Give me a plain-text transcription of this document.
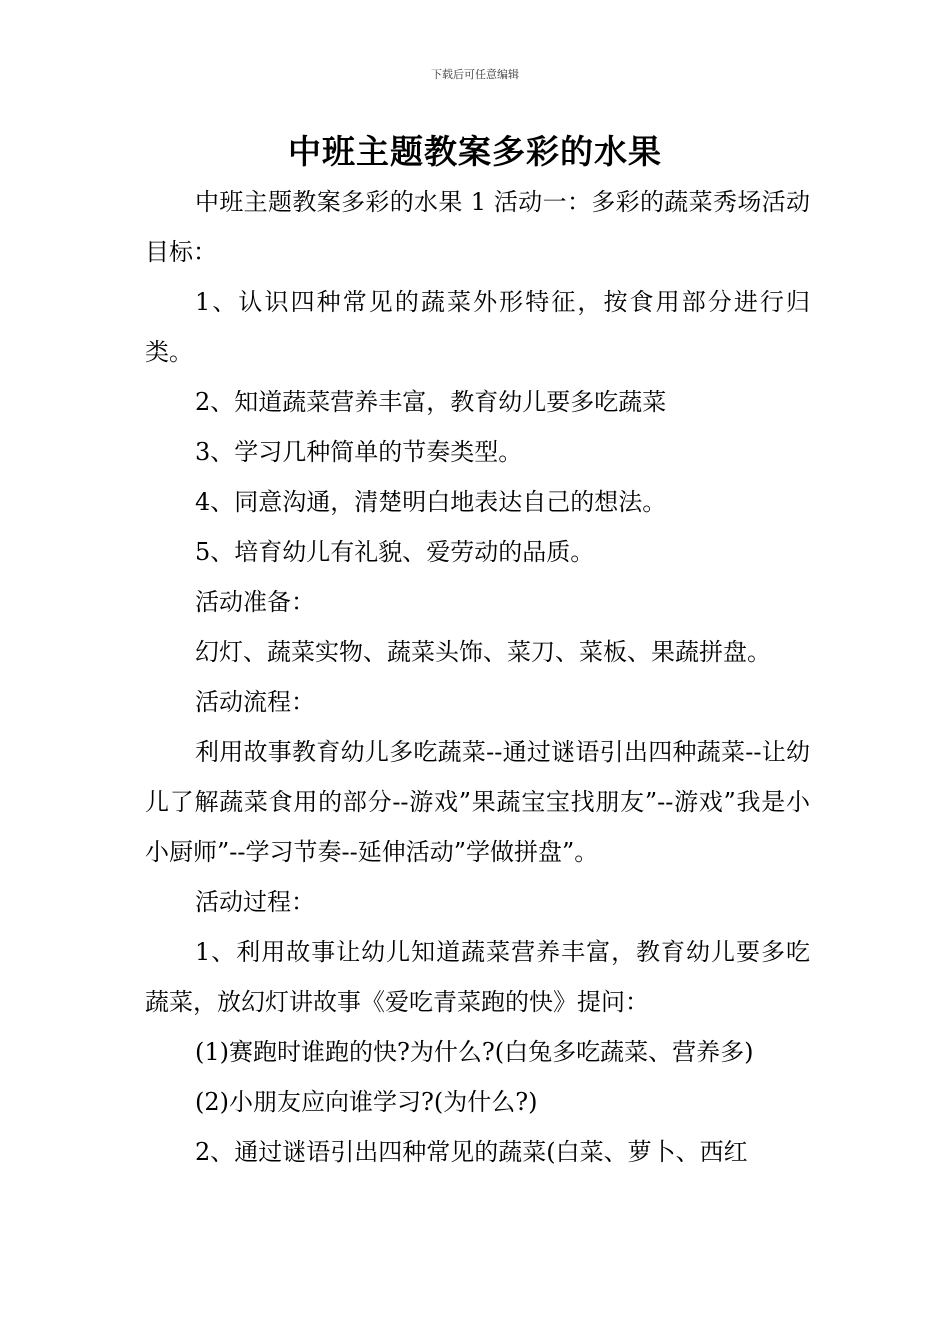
下载后可任意编辑
中班主题教案多彩的水果

中班主题教案多彩的水果 1 活动一：多彩的蔬菜秀场活动目标：

1、认识四种常见的蔬菜外形特征，按食用部分进行归类。

2、知道蔬菜营养丰富，教育幼儿要多吃蔬菜

3、学习几种简单的节奏类型。

4、同意沟通，清楚明白地表达自己的想法。

5、培育幼儿有礼貌、爱劳动的品质。

活动准备：

幻灯、蔬菜实物、蔬菜头饰、菜刀、菜板、果蔬拼盘。

活动流程：

利用故事教育幼儿多吃蔬菜--通过谜语引出四种蔬菜--让幼儿了解蔬菜食用的部分--游戏”果蔬宝宝找朋友”--游戏”我是小小厨师”--学习节奏--延伸活动”学做拼盘”。

活动过程：

1、利用故事让幼儿知道蔬菜营养丰富，教育幼儿要多吃蔬菜，放幻灯讲故事《爱吃青菜跑的快》提问：

(1)赛跑时谁跑的快?为什么?(白兔多吃蔬菜、营养多)

(2)小朋友应向谁学习?(为什么?)

2、通过谜语引出四种常见的蔬菜(白菜、萝卜、西红
